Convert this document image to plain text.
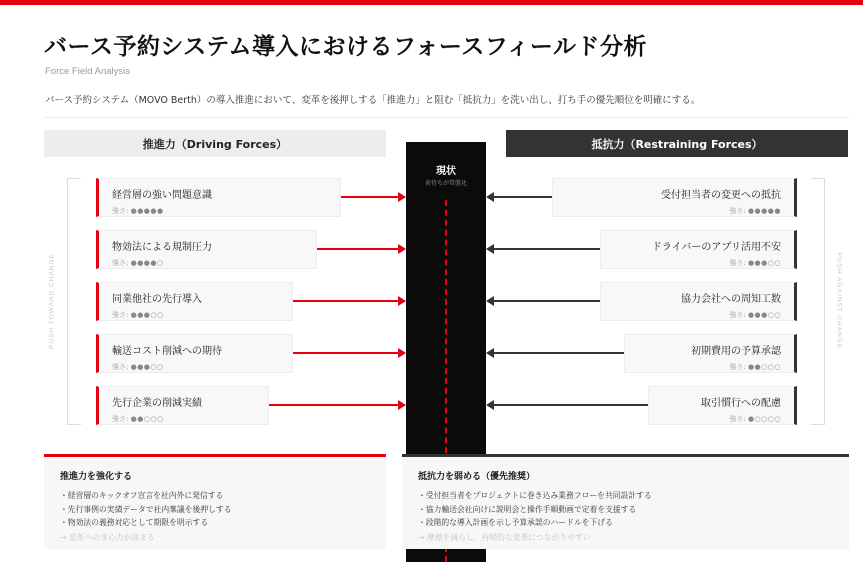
バース予約システム導入におけるフォースフィールド分析
Force Field Analysis
バース予約システム（MOVO Berth）の導入推進において、変革を後押しする「推進力」と阻む「抵抗力」を洗い出し、打ち手の優先順位を明確にする。
推進力（Driving Forces）	抵抗力（Restraining Forces）
PUSH TOWARD CHANGE	PUSH AGAINST CHANGE
現状
荷待ちが常態化
経営層の強い問題意識
強さ: ●●●●●
物効法による規制圧力
強さ: ●●●●○
同業他社の先行導入
強さ: ●●●○○
輸送コスト削減への期待
強さ: ●●●○○
先行企業の削減実績
強さ: ●●○○○
受付担当者の変更への抵抗
強さ: ●●●●●
ドライバーのアプリ活用不安
強さ: ●●●○○
協力会社への周知工数
強さ: ●●●○○
初期費用の予算承認
強さ: ●●○○○
取引慣行への配慮
強さ: ●○○○○
推進力を強化する
・経営層のキックオフ宣言を社内外に発信する
・先行事例の実績データで社内稟議を後押しする
・物効法の義務対応として期限を明示する
→ 変革への求心力が高まる
抵抗力を弱める（優先推奨）
・受付担当者をプロジェクトに巻き込み業務フローを共同設計する
・協力輸送会社向けに説明会と操作手順動画で定着を支援する
・段階的な導入計画を示し予算承認のハードルを下げる
→ 摩擦を減らし、持続的な変革につながりやすい
